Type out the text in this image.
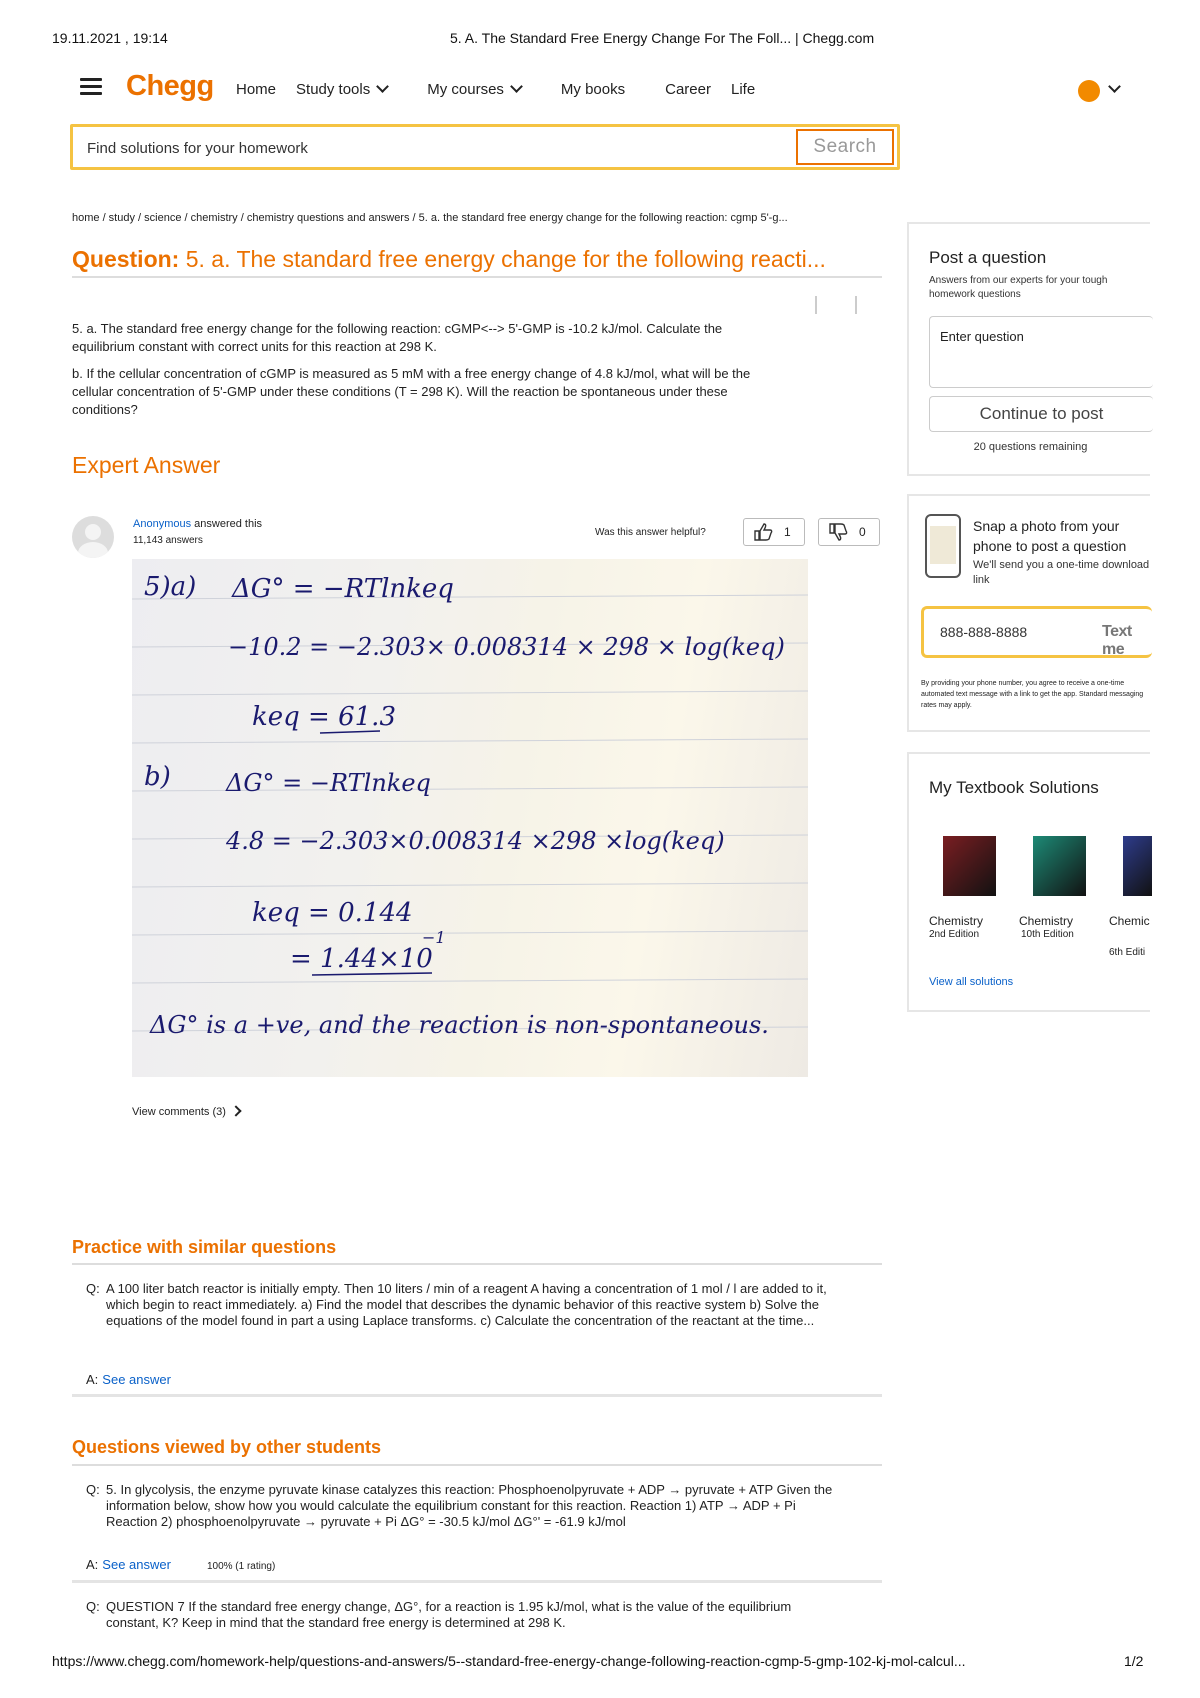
19.11.2021 , 19:14	5. A. The Standard Free Energy Change For The Foll... | Chegg.com
Chegg Home Study tools	My courses	My books	Career Life
Find solutions for your homework
Search
home / study / science / chemistry / chemistry questions and answers / 5. a. the standard free energy change for the following reaction: cgmp 5'-g...
Question: 5. a. The standard free energy change for the following reacti...
5. a. The standard free energy change for the following reaction: cGMP<--> 5'-GMP is -10.2 kJ/mol. Calculate the equilibrium constant with correct units for this reaction at 298 K.
b. If the cellular concentration of cGMP is measured as 5 mM with a free energy change of 4.8 kJ/mol, what will be the cellular concentration of 5'-GMP under these conditions (T = 298 K). Will the reaction be spontaneous under these conditions?
Expert Answer
Anonymous answered this
11,143 answers
Was this answer helpful?	1	0
5)a) ΔG° = −RTlnkeq
−10.2 = −2.303× 0.008314 × 298 × log(keq)
keq = 61.3
b) ΔG° = −RTlnkeq
4.8 = −2.303×0.008314 ×298 ×log(keq)
keq = 0.144
= 1.44×10
−1
ΔG° is a +ve, and the reaction is non-spontaneous.
View comments (3)
Practice with similar questions
Q: A 100 liter batch reactor is initially empty. Then 10 liters / min of a reagent A having a concentration of 1 mol / l are added to it, which begin to react immediately. a) Find the model that describes the dynamic behavior of this reactive system b) Solve the equations of the model found in part a using Laplace transforms. c) Calculate the concentration of the reactant at the time...
A: See answer
Questions viewed by other students
Q: 5. In glycolysis, the enzyme pyruvate kinase catalyzes this reaction: Phosphoenolpyruvate + ADP → pyruvate + ATP Given the information below, show how you would calculate the equilibrium constant for this reaction. Reaction 1) ATP → ADP + Pi Reaction 2) phosphoenolpyruvate → pyruvate + Pi ΔG° = -30.5 kJ/mol ΔG°' = -61.9 kJ/mol
A: See answer	100% (1 rating)
Q: QUESTION 7 If the standard free energy change, ΔG°, for a reaction is 1.95 kJ/mol, what is the value of the equilibrium constant, K? Keep in mind that the standard free energy is determined at 298 K.
Post a question
Answers from our experts for your tough homework questions
Enter question
Continue to post
20 questions remaining
Snap a photo from your phone to post a question
We'll send you a one-time download link
888-888-8888	Text me
By providing your phone number, you agree to receive a one-time automated text message with a link to get the app. Standard messaging rates may apply.
My Textbook Solutions
Chemistry
2nd Edition
Chemistry
10th Edition
Chemic
6th Editi
View all solutions
https://www.chegg.com/homework-help/questions-and-answers/5--standard-free-energy-change-following-reaction-cgmp-5-gmp-102-kj-mol-calcul...	1/2
